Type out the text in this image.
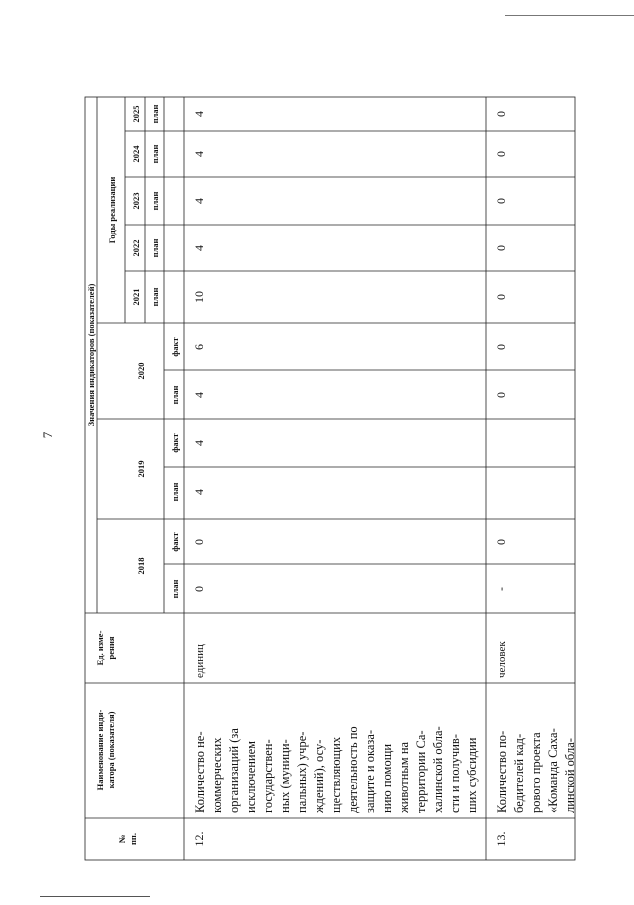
7
№ пп.
Наименование инди- катора (показателя)
Ед. изме- рения
Значения индикаторов (показателей)
Годы реализации
2018
2019
2020
2021
2022
2023
2024
2025
план
факт
план
факт
план
факт
план
план
план
план
план
12.
Количество не- коммерческих организаций (за исключением государствен- ных (муници- пальных) учре- ждений), осу- ществляющих деятельность по защите и оказа- нию помощи животным на территории Са- халинской обла- сти и получив- ших субсидии
единиц
0
0
4
4
4
6
10
4
4
4
4
13.
Количество по- бедителей кад- рового проекта «Команда Саха- линской обла-
человек
-
0
0
0
0
0
0
0
0
